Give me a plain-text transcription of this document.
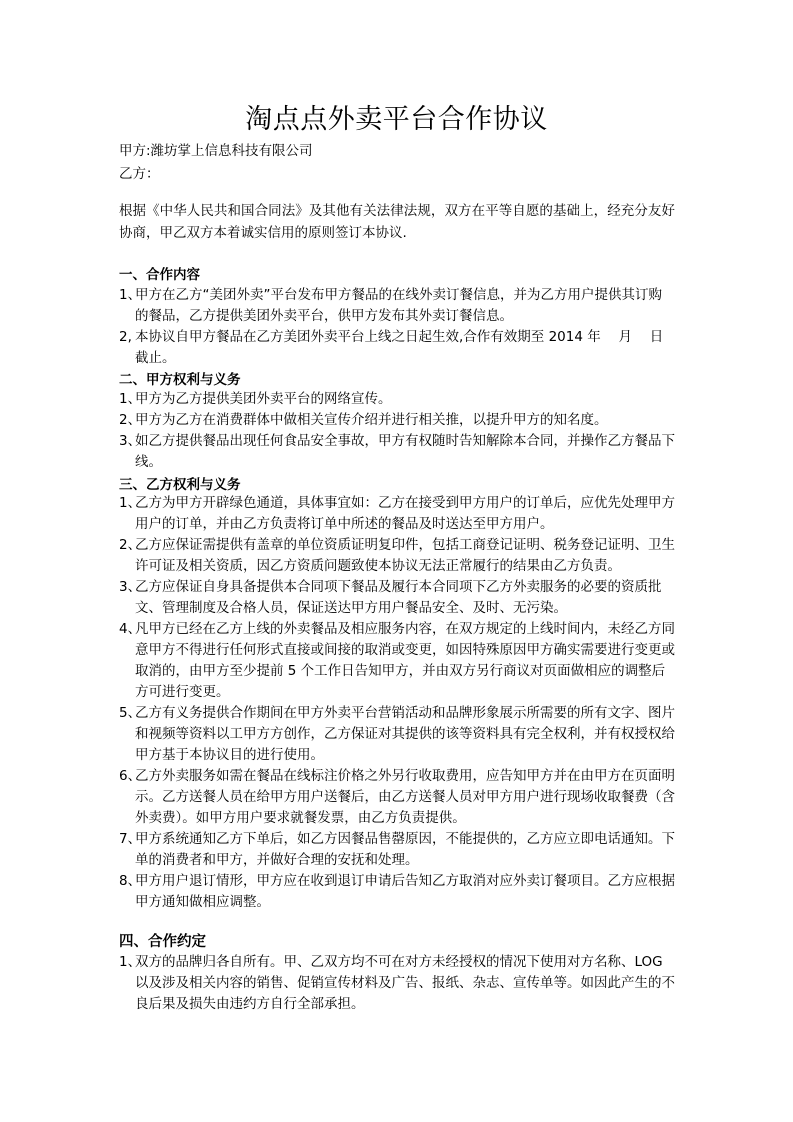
淘点点外卖平台合作协议
甲方:潍坊掌上信息科技有限公司
乙方：
根据《中华人民共和国合同法》及其他有关法律法规，双方在平等自愿的基础上，经充分友好协商，甲乙双方本着诚实信用的原则签订本协议.
一、合作内容
1、
甲方在乙方“美团外卖”平台发布甲方餐品的在线外卖订餐信息，并为乙方用户提供其订购的餐品，乙方提供美团外卖平台，供甲方发布其外卖订餐信息。
2, 本协议自甲方餐品在乙方美团外卖平台上线之日起生效,合作有效期至 2014 年　 月　 日截止。
二、甲方权利与义务
1、
甲方为乙方提供美团外卖平台的网络宣传。
2、
甲方为乙方在消费群体中做相关宣传介绍并进行相关推，以提升甲方的知名度。
3、
如乙方提供餐品出现任何食品安全事故，甲方有权随时告知解除本合同，并操作乙方餐品下线。
三、乙方权利与义务
1、
乙方为甲方开辟绿色通道，具体事宜如：乙方在接受到甲方用户的订单后，应优先处理甲方用户的订单，并由乙方负责将订单中所述的餐品及时送达至甲方用户。
2、
乙方应保证需提供有盖章的单位资质证明复印件，包括工商登记证明、税务登记证明、卫生许可证及相关资质，因乙方资质问题致使本协议无法正常履行的结果由乙方负责。
3、
乙方应保证自身具备提供本合同项下餐品及履行本合同项下乙方外卖服务的必要的资质批文、管理制度及合格人员，保证送达甲方用户餐品安全、及时、无污染。
4、
凡甲方已经在乙方上线的外卖餐品及相应服务内容，在双方规定的上线时间内，未经乙方同意甲方不得进行任何形式直接或间接的取消或变更，如因特殊原因甲方确实需要进行变更或取消的，由甲方至少提前 5 个工作日告知甲方，并由双方另行商议对页面做相应的调整后方可进行变更。
5、
乙方有义务提供合作期间在甲方外卖平台营销活动和品牌形象展示所需要的所有文字、图片和视频等资料以工甲方方创作，乙方保证对其提供的该等资料具有完全权利，并有权授权给甲方基于本协议目的进行使用。
6、
乙方外卖服务如需在餐品在线标注价格之外另行收取费用，应告知甲方并在由甲方在页面明示。乙方送餐人员在给甲方用户送餐后，由乙方送餐人员对甲方用户进行现场收取餐费（含外卖费）。如甲方用户要求就餐发票，由乙方负责提供。
7、
甲方系统通知乙方下单后，如乙方因餐品售罄原因，不能提供的，乙方应立即电话通知。下单的消费者和甲方，并做好合理的安抚和处理。
8、
甲方用户退订情形，甲方应在收到退订申请后告知乙方取消对应外卖订餐项目。乙方应根据甲方通知做相应调整。
四、合作约定
1、
双方的品牌归各自所有。甲、乙双方均不可在对方未经授权的情况下使用对方名称、LOG以及涉及相关内容的销售、促销宣传材料及广告、报纸、杂志、宣传单等。如因此产生的不良后果及损失由违约方自行全部承担。
